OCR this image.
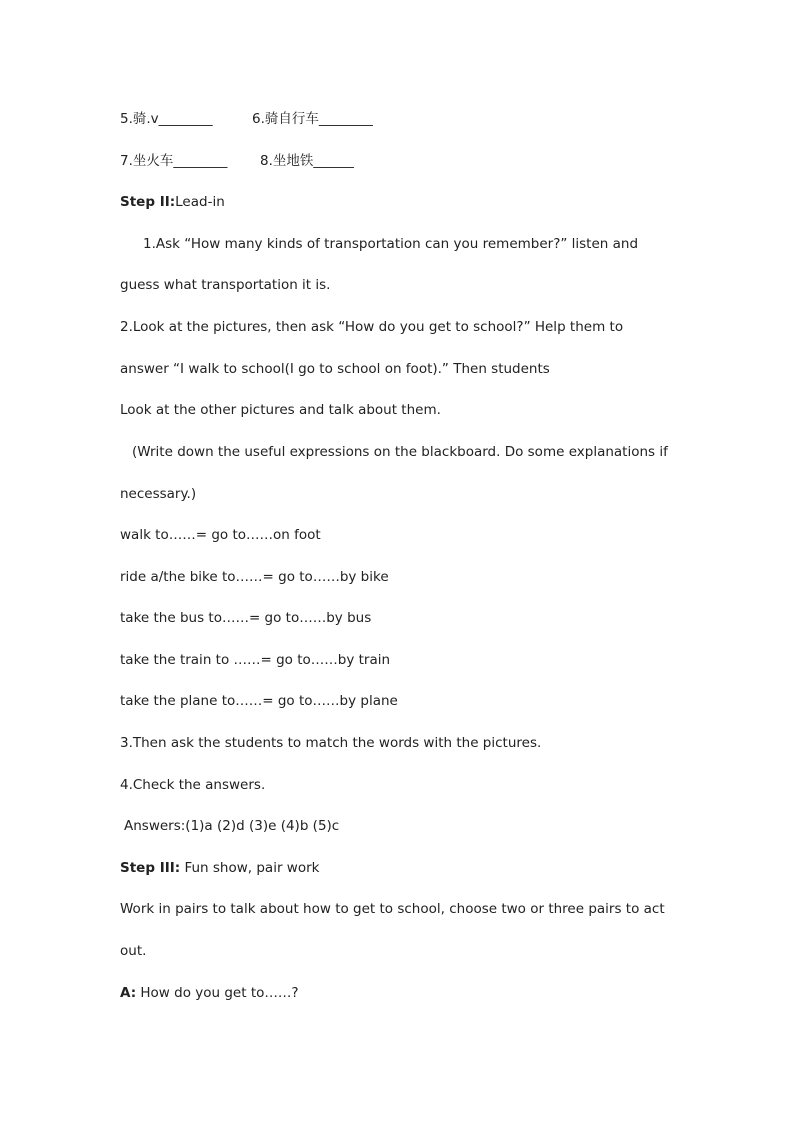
5.骑.v________	6.骑自行车________
7.坐火车________ 8.坐地铁______
Step II:Lead-in
1.Ask “How many kinds of transportation can you remember?” listen and
guess what transportation it is.
2.Look at the pictures, then ask “How do you get to school?” Help them to
answer “I walk to school(I go to school on foot).” Then students
Look at the other pictures and talk about them.
(Write down the useful expressions on the blackboard. Do some explanations if
necessary.)
walk to……= go to……on foot
ride a/the bike to……= go to……by bike
take the bus to……= go to……by bus
take the train to ……= go to……by train
take the plane to……= go to……by plane
3.Then ask the students to match the words with the pictures.
4.Check the answers.
Answers:(1)a (2)d (3)e (4)b (5)c
Step III: Fun show, pair work
Work in pairs to talk about how to get to school, choose two or three pairs to act
out.
A: How do you get to……?
